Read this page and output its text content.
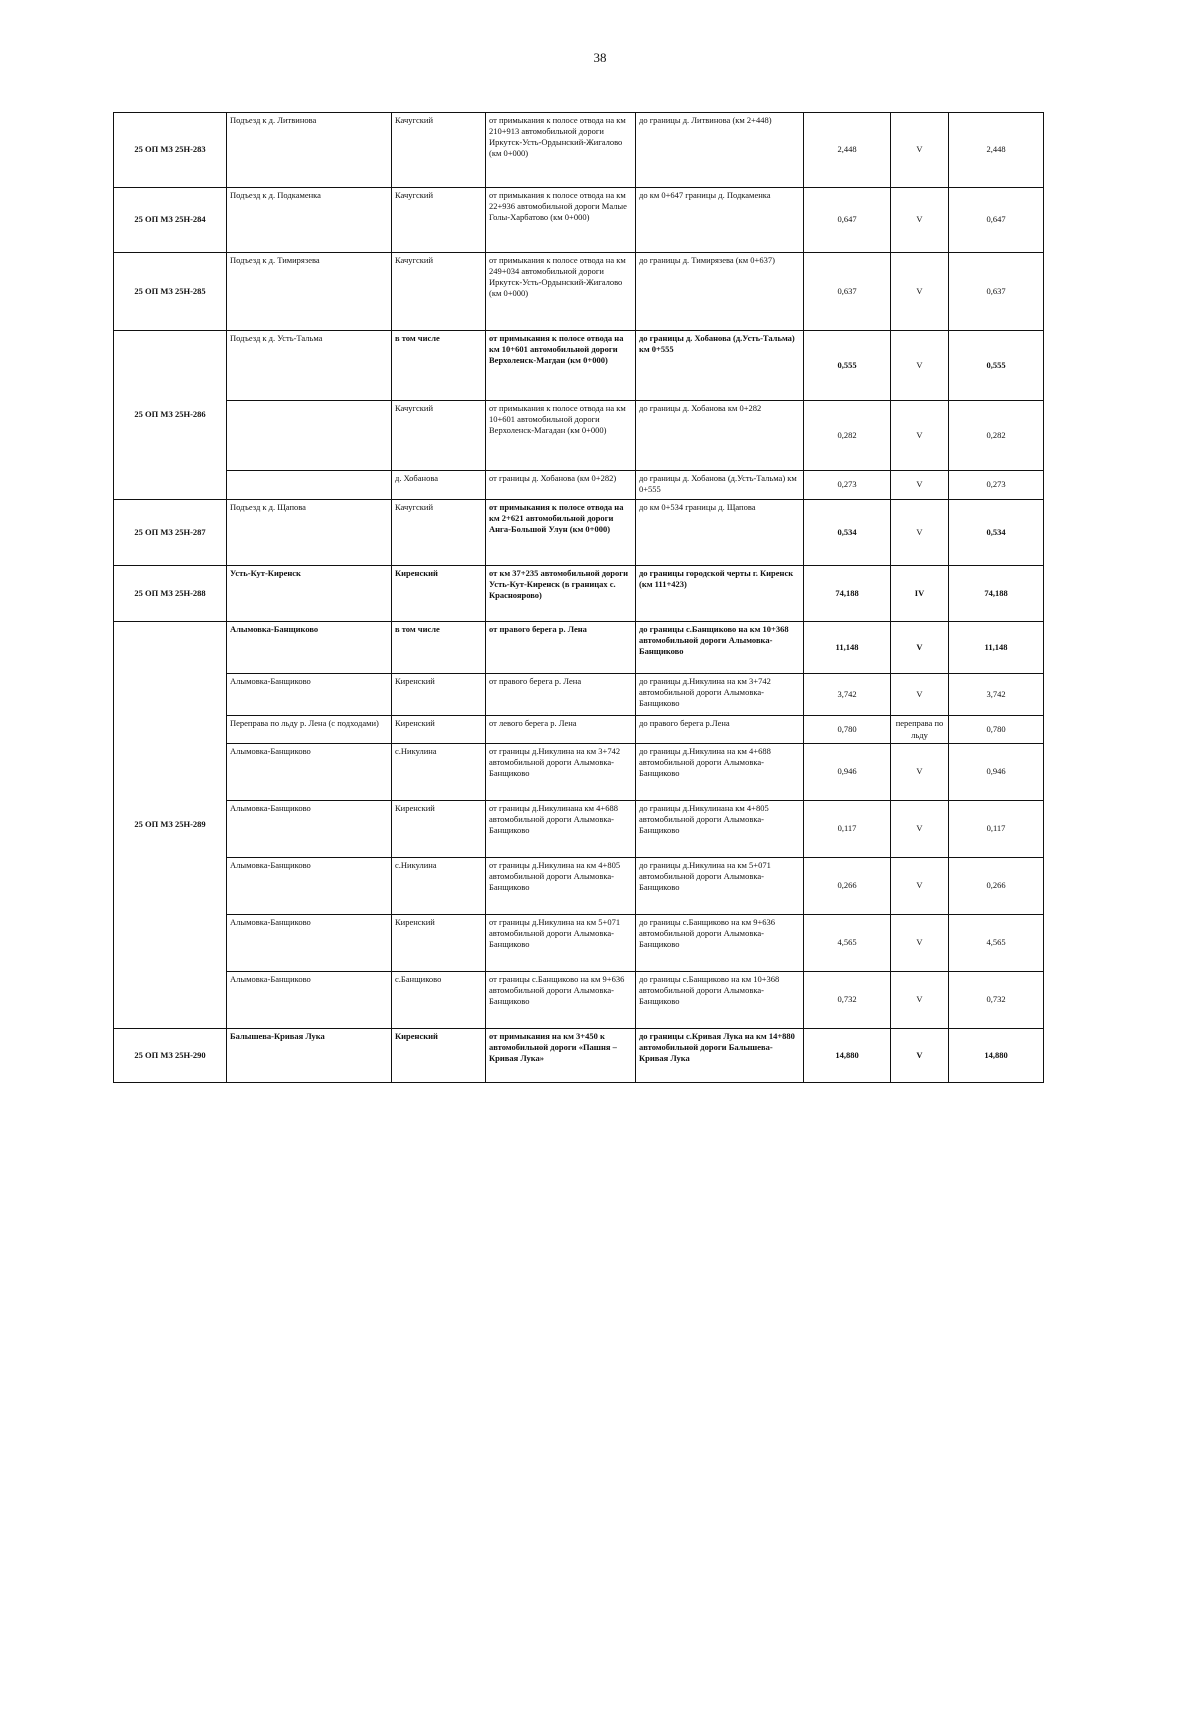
38
25 ОП МЗ 25Н-283	Подъезд к д. Литвинова	Качугский	от примыкания к полосе отвода на км 210+913 автомобильной дороги Иркутск-Усть-Ордынский-Жигалово (км 0+000)	до границы д. Литвинова (км 2+448)	2,448	V	2,448
25 ОП МЗ 25Н-284	Подъезд к д. Подкаменка	Качугский	от примыкания к полосе отвода на км 22+936 автомобильной дороги Малые Голы-Харбатово (км 0+000)	до км 0+647 границы д. Подкаменка	0,647	V	0,647
25 ОП МЗ 25Н-285	Подъезд к д. Тимирязева	Качугский	от примыкания к полосе отвода на км 249+034 автомобильной дороги Иркутск-Усть-Ордынский-Жигалово (км 0+000)	до границы д. Тимирязева (км 0+637)	0,637	V	0,637
25 ОП МЗ 25Н-286	Подъезд к д. Усть-Тальма	в том числе	от примыкания к полосе отвода на км 10+601 автомобильной дороги Верхоленск-Магдан (км 0+000)	до границы д. Хобанова (д.Усть-Тальма) км 0+555	0,555	V	0,555
		Качугский	от примыкания к полосе отвода на км 10+601 автомобильной дороги Верхоленск-Магадан (км 0+000)	до границы д. Хобанова км 0+282	0,282	V	0,282
		д. Хобанова	от границы д. Хобанова (км 0+282)	до границы д. Хобанова (д.Усть-Тальма) км 0+555	0,273	V	0,273
25 ОП МЗ 25Н-287	Подъезд к д. Щапова	Качугский	от примыкания к полосе отвода на км 2+621 автомобильной дороги Анга-Большой Улун (км 0+000)	до км 0+534 границы д. Щапова	0,534	V	0,534
25 ОП МЗ 25Н-288	Усть-Кут-Киренск	Киренский	от км 37+235 автомобильной дороги Усть-Кут-Киренск (в границах с. Красноярово)	до границы городской черты г. Киренск (км 111+423)	74,188	IV	74,188
25 ОП МЗ 25Н-289	Алымовка-Банщиково	в том числе	от правого берега р. Лена	до границы с.Банщиково на км 10+368 автомобильной дороги Алымовка-Банщиково	11,148	V	11,148
	Алымовка-Банщиково	Киренский	от правого берега р. Лена	до границы д.Никулина на км 3+742 автомобильной дороги Алымовка-Банщиково	3,742	V	3,742
	Переправа по льду р. Лена (с подходами)	Киренский	от левого берега р. Лена	до правого берега р.Лена	0,780	переправа по льду	0,780
	Алымовка-Банщиково	с.Никулина	от границы д.Никулина на км 3+742 автомобильной дороги Алымовка-Банщиково	до границы д.Никулина на км 4+688 автомобильной дороги Алымовка-Банщиково	0,946	V	0,946
	Алымовка-Банщиково	Киренский	от границы д.Никулинана км 4+688 автомобильной дороги Алымовка-Банщиково	до границы д.Никулинана км 4+805 автомобильной дороги Алымовка-Банщиково	0,117	V	0,117
	Алымовка-Банщиково	с.Никулина	от границы д.Никулина на км 4+805 автомобильной дороги Алымовка-Банщиково	до границы д.Никулина на км 5+071 автомобильной дороги Алымовка-Банщиково	0,266	V	0,266
	Алымовка-Банщиково	Киренский	от границы д.Никулина на км 5+071 автомобильной дороги Алымовка-Банщиково	до границы с.Банщиково на км 9+636 автомобильной дороги Алымовка-Банщиково	4,565	V	4,565
	Алымовка-Банщиково	с.Банщиково	от границы с.Банщиково на км 9+636 автомобильной дороги Алымовка-Банщиково	до границы с.Банщиково на км 10+368 автомобильной дороги Алымовка-Банщиково	0,732	V	0,732
25 ОП МЗ 25Н-290	Балышева-Кривая Лука	Киренский	от примыкания на км 3+450 к автомобильной дороги «Пашня – Кривая Лука»	до границы с.Кривая Лука на км 14+880 автомобильной дороги Балышева-Кривая Лука	14,880	V	14,880
